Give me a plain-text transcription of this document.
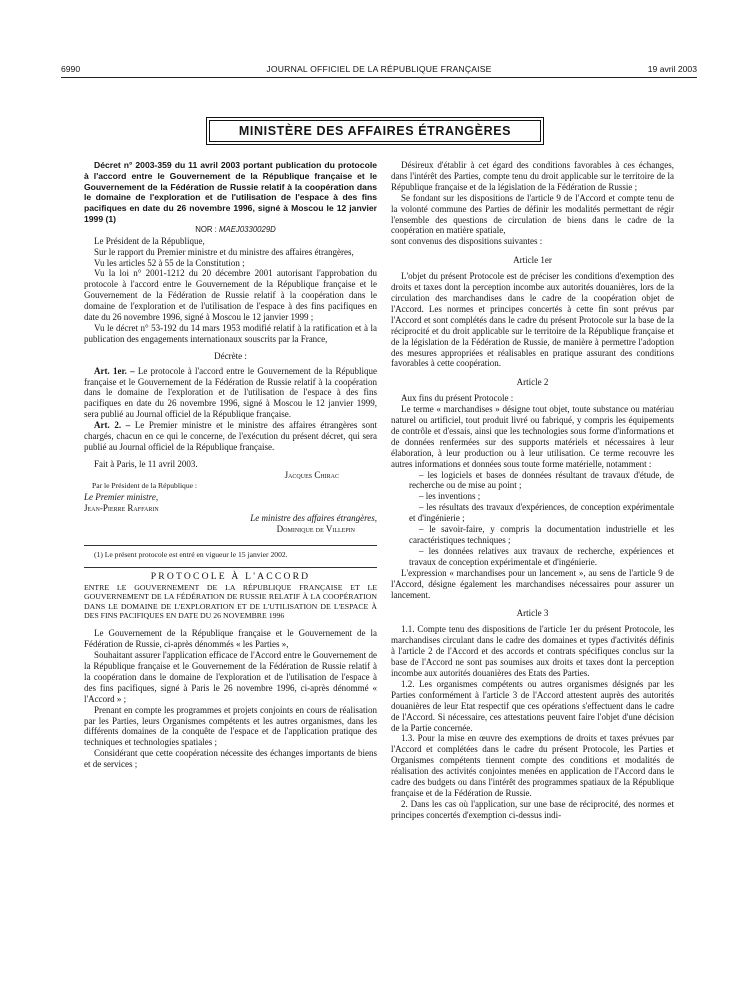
6990	JOURNAL OFFICIEL DE LA RÉPUBLIQUE FRANÇAISE	19 avril 2003
MINISTÈRE DES AFFAIRES ÉTRANGÈRES

Décret n° 2003-359 du 11 avril 2003 portant publication du protocole à l'accord entre le Gouvernement de la République française et le Gouvernement de la Fédération de Russie relatif à la coopération dans le domaine de l'exploration et de l'utilisation de l'espace à des fins pacifiques en date du 26 novembre 1996, signé à Moscou le 12 janvier 1999 (1)

NOR : MAEJ0330029D

Le Président de la République,

Sur le rapport du Premier ministre et du ministre des affaires étrangères,

Vu les articles 52 à 55 de la Constitution ;

Vu la loi n° 2001-1212 du 20 décembre 2001 autorisant l'approbation du protocole à l'accord entre le Gouvernement de la République française et le Gouvernement de la Fédération de Russie relatif à la coopération dans le domaine de l'exploration et de l'utilisation de l'espace à des fins pacifiques en date du 26 novembre 1996, signé à Moscou le 12 janvier 1999 ;

Vu le décret n° 53-192 du 14 mars 1953 modifié relatif à la ratification et à la publication des engagements internationaux souscrits par la France,

Décrète :

Art. 1er. – Le protocole à l'accord entre le Gouvernement de la République française et le Gouvernement de la Fédération de Russie relatif à la coopération dans le domaine de l'exploration et de l'utilisation de l'espace à des fins pacifiques en date du 26 novembre 1996, signé à Moscou le 12 janvier 1999, sera publié au Journal officiel de la République française.

Art. 2. – Le Premier ministre et le ministre des affaires étrangères sont chargés, chacun en ce qui le concerne, de l'exécution du présent décret, qui sera publié au Journal officiel de la République française.

Fait à Paris, le 11 avril 2003.

Jacques Chirac

Par le Président de la République :

Le Premier ministre,

Jean-Pierre Raffarin

Le ministre des affaires étrangères,

Dominique de Villepin

(1) Le présent protocole est entré en vigueur le 15 janvier 2002.

PROTOCOLE À L'ACCORD

ENTRE LE GOUVERNEMENT DE LA RÉPUBLIQUE FRANÇAISE ET LE GOUVERNEMENT DE LA FÉDÉRATION DE RUSSIE RELATIF À LA COOPÉRATION DANS LE DOMAINE DE L'EXPLORATION ET DE L'UTILISATION DE L'ESPACE À DES FINS PACIFIQUES EN DATE DU 26 NOVEMBRE 1996

Le Gouvernement de la République française et le Gouvernement de la Fédération de Russie, ci-après dénommés « les Parties »,

Souhaitant assurer l'application efficace de l'Accord entre le Gouvernement de la République française et le Gouvernement de la Fédération de Russie relatif à la coopération dans le domaine de l'exploration et de l'utilisation de l'espace à des fins pacifiques, signé à Paris le 26 novembre 1996, ci-après dénommé « l'Accord » ;

Prenant en compte les programmes et projets conjoints en cours de réalisation par les Parties, leurs Organismes compétents et les autres organismes, dans les différents domaines de la conquête de l'espace et de l'application pratique des techniques et technologies spatiales ;

Considérant que cette coopération nécessite des échanges importants de biens et de services ;

Désireux d'établir à cet égard des conditions favorables à ces échanges, dans l'intérêt des Parties, compte tenu du droit applicable sur le territoire de la République française et de la législation de la Fédération de Russie ;

Se fondant sur les dispositions de l'article 9 de l'Accord et compte tenu de la volonté commune des Parties de définir les modalités permettant de régir l'ensemble des questions de circulation de biens dans le cadre de la coopération en matière spatiale,

sont convenus des dispositions suivantes :

Article 1er

L'objet du présent Protocole est de préciser les conditions d'exemption des droits et taxes dont la perception incombe aux autorités douanières, lors de la circulation des marchandises dans le cadre de la coopération objet de l'Accord. Les normes et principes concertés à cette fin sont prévus par l'Accord et sont complétés dans le cadre du présent Protocole sur la base de la réciprocité et du droit applicable sur le territoire de la République française et de la législation de la Fédération de Russie, de manière à permettre l'adoption des mesures appropriées et réalisables en pratique assurant des conditions favorables à cette coopération.

Article 2

Aux fins du présent Protocole :

Le terme « marchandises » désigne tout objet, toute substance ou matériau naturel ou artificiel, tout produit livré ou fabriqué, y compris les équipements de contrôle et d'essais, ainsi que les technologies sous forme d'informations et de données renfermées sur des supports matériels et nécessaires à leur élaboration, à leur production ou à leur utilisation. Ce terme recouvre les autres informations et données sous toute forme matérielle, notamment :

– les logiciels et bases de données résultant de travaux d'étude, de recherche ou de mise au point ;

– les inventions ;

– les résultats des travaux d'expériences, de conception expérimentale et d'ingénierie ;

– le savoir-faire, y compris la documentation industrielle et les caractéristiques techniques ;

– les données relatives aux travaux de recherche, expériences et travaux de conception expérimentale et d'ingénierie.

L'expression « marchandises pour un lancement », au sens de l'article 9 de l'Accord, désigne également les marchandises nécessaires pour assurer un lancement.

Article 3

1.1. Compte tenu des dispositions de l'article 1er du présent Protocole, les marchandises circulant dans le cadre des domaines et types d'activités définis à l'article 2 de l'Accord et des accords et contrats spécifiques conclus sur la base de l'Accord ne sont pas soumises aux droits et taxes dont la perception incombe aux autorités douanières des Etats des Parties.

1.2. Les organismes compétents ou autres organismes désignés par les Parties conformément à l'article 3 de l'Accord attestent auprès des autorités douanières de leur Etat respectif que ces opérations s'effectuent dans le cadre de l'Accord. Si nécessaire, ces attestations peuvent faire l'objet d'une décision de la Partie concernée.

1.3. Pour la mise en œuvre des exemptions de droits et taxes prévues par l'Accord et complétées dans le cadre du présent Protocole, les Parties et Organismes compétents tiennent compte des conditions et modalités de réalisation des activités conjointes menées en application de l'Accord dans le cadre des budgets ou dans l'intérêt des programmes spatiaux de la République française et de la Fédération de Russie.

2. Dans les cas où l'application, sur une base de réciprocité, des normes et principes concertés d'exemption ci-dessus indi-
